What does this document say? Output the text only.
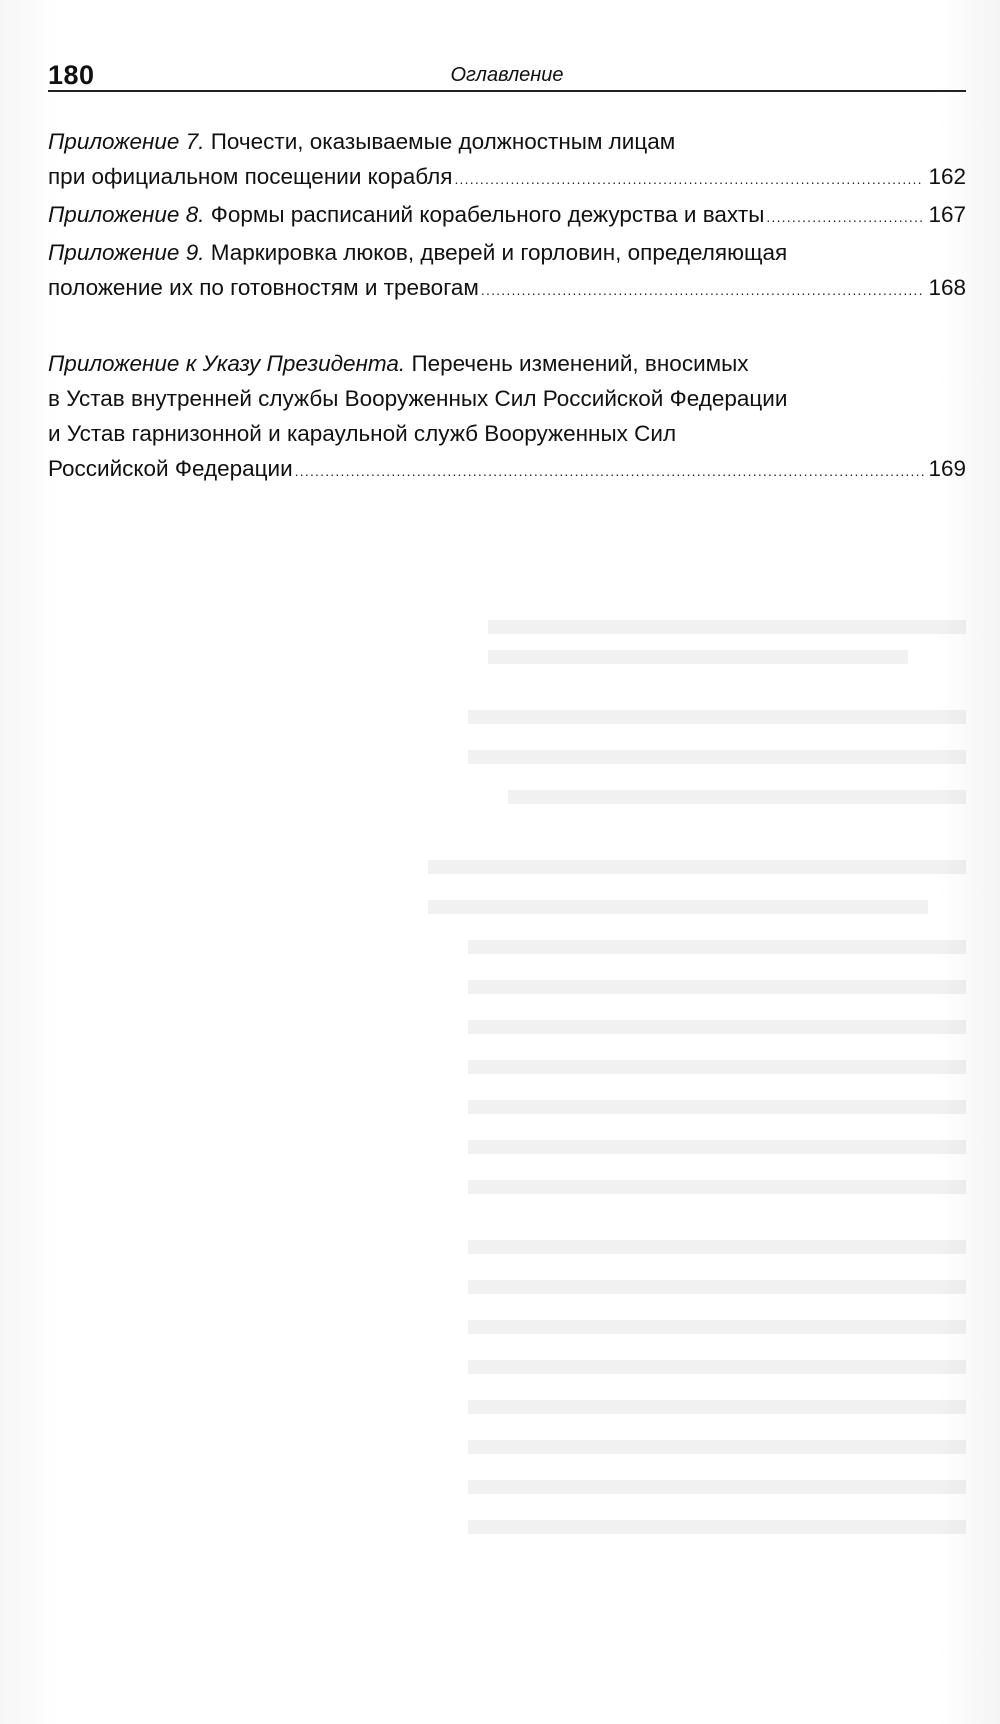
180	Оглавление
Приложение 7. Почести, оказываемые должностным лицам
при официальном посещении корабля .....	162
Приложение 8. Формы расписаний корабельного дежурства и вахты .....	167
Приложение 9. Маркировка люков, дверей и горловин, определяющая
положение их по готовностям и тревогам .....	168
Приложение к Указу Президента. Перечень изменений, вносимых
в Устав внутренней службы Вооруженных Сил Российской Федерации
и Устав гарнизонной и караульной служб Вооруженных Сил
Российской Федерации .....	169
